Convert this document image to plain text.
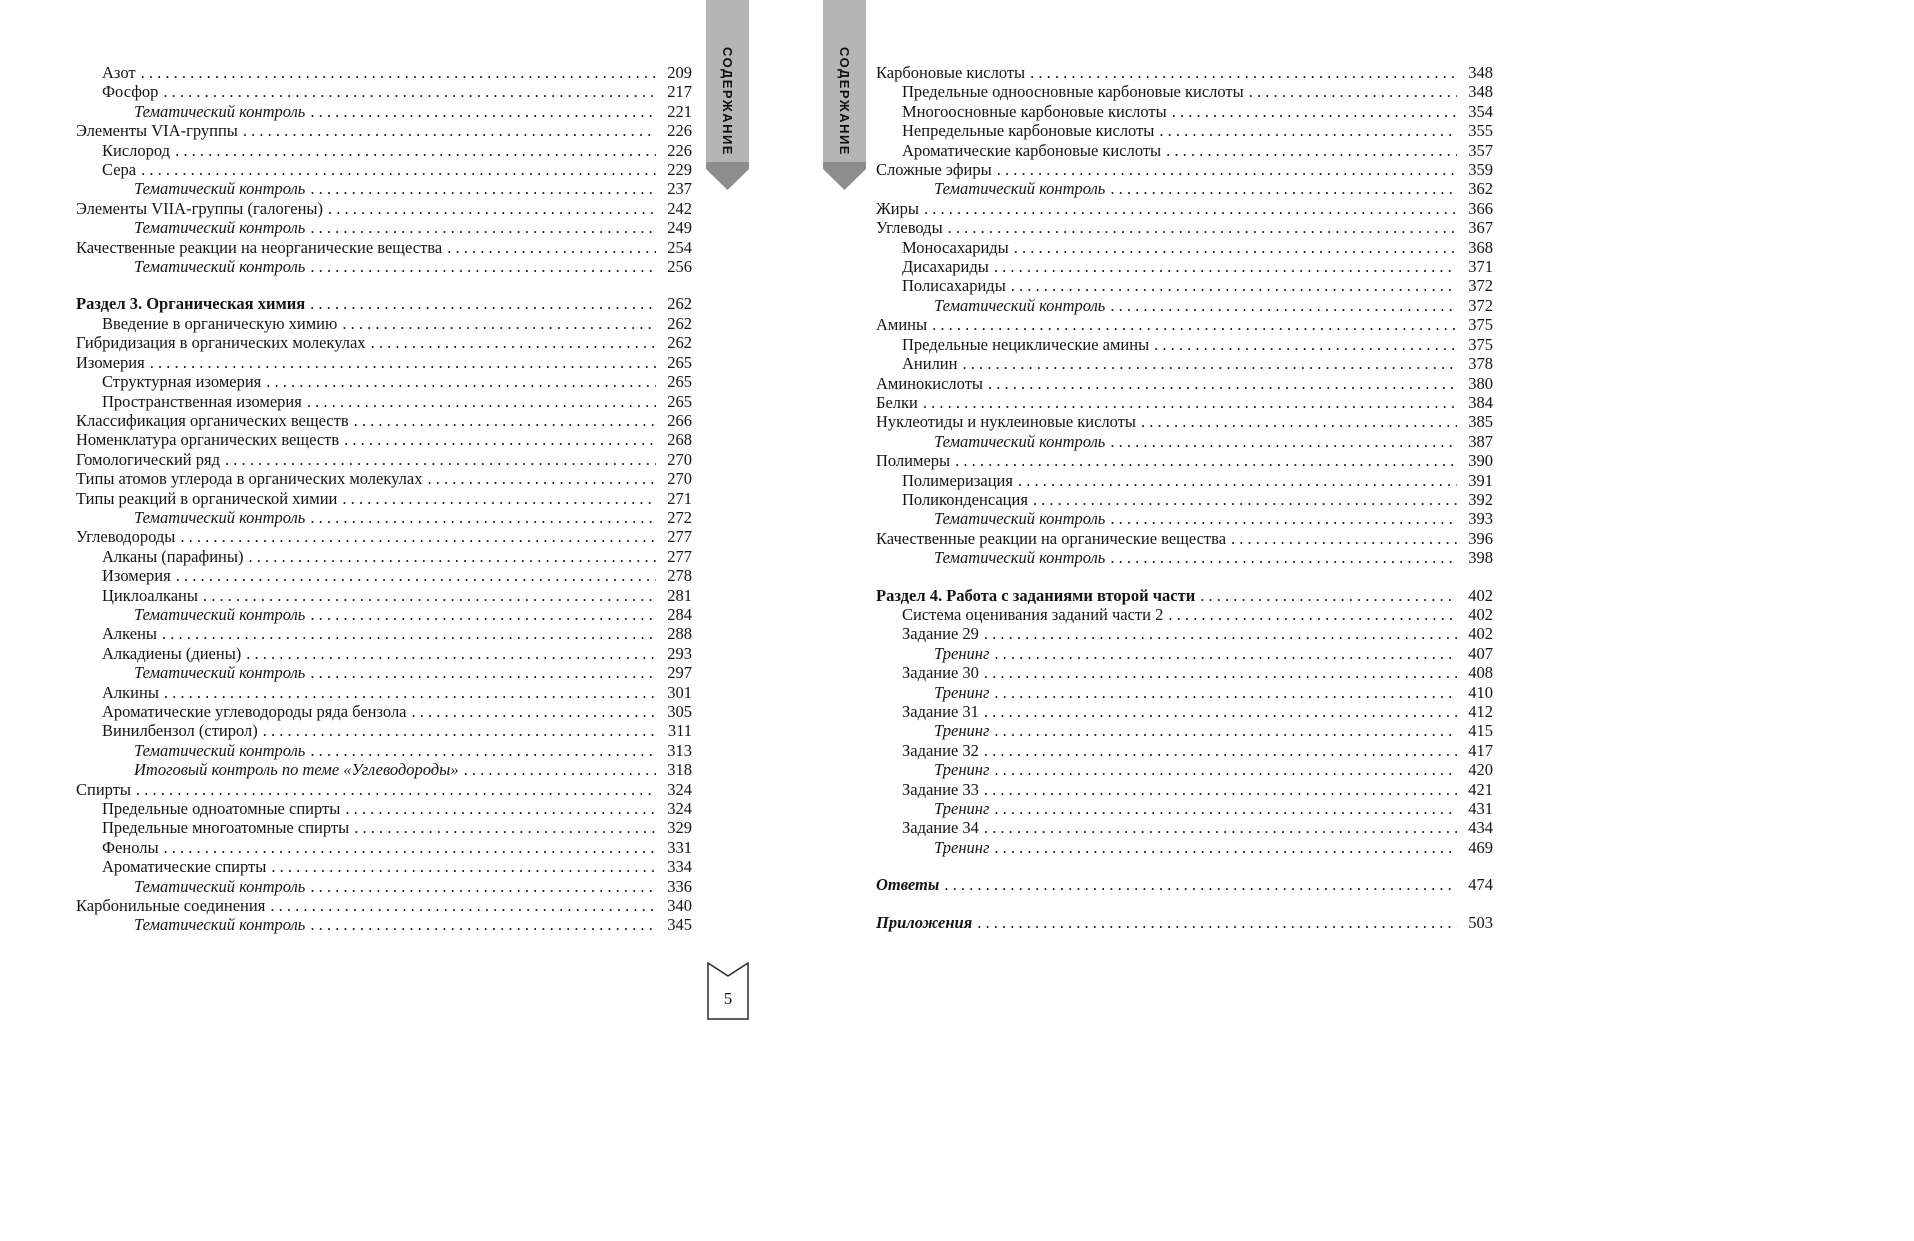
Азот . . .	209
Фосфор . . .	217
Тематический контроль . . .	221
Элементы VIA-группы . . .	226
Кислород . . .	226
Сера . . .	229
Тематический контроль . . .	237
Элементы VIIA-группы (галогены) . . .	242
Тематический контроль . . .	249
Качественные реакции на неорганические вещества . . .	254
Тематический контроль . . .	256
Раздел 3. Органическая химия . . .	262
Введение в органическую химию . . .	262
Гибридизация в органических молекулах . . .	262
Изомерия . . .	265
Структурная изомерия . . .	265
Пространственная изомерия . . .	265
Классификация органических веществ . . .	266
Номенклатура органических веществ . . .	268
Гомологический ряд . . .	270
Типы атомов углерода в органических молекулах . . .	270
Типы реакций в органической химии . . .	271
Тематический контроль . . .	272
Углеводороды . . .	277
Алканы (парафины) . . .	277
Изомерия . . .	278
Циклоалканы . . .	281
Тематический контроль . . .	284
Алкены . . .	288
Алкадиены (диены) . . .	293
Тематический контроль . . .	297
Алкины . . .	301
Ароматические углеводороды ряда бензола . . .	305
Винилбензол (стирол) . . .	311
Тематический контроль . . .	313
Итоговый контроль по теме «Углеводороды» . . .	318
Спирты . . .	324
Предельные одноатомные спирты . . .	324
Предельные многоатомные спирты . . .	329
Фенолы . . .	331
Ароматические спирты . . .	334
Тематический контроль . . .	336
Карбонильные соединения . . .	340
Тематический контроль . . .	345
Карбоновые кислоты . . .	348
Предельные одноосновные карбоновые кислоты . . .	348
Многоосновные карбоновые кислоты . . .	354
Непредельные карбоновые кислоты . . .	355
Ароматические карбоновые кислоты . . .	357
Сложные эфиры . . .	359
Тематический контроль . . .	362
Жиры . . .	366
Углеводы . . .	367
Моносахариды . . .	368
Дисахариды . . .	371
Полисахариды . . .	372
Тематический контроль . . .	372
Амины . . .	375
Предельные нециклические амины . . .	375
Анилин . . .	378
Аминокислоты . . .	380
Белки . . .	384
Нуклеотиды и нуклеиновые кислоты . . .	385
Тематический контроль . . .	387
Полимеры . . .	390
Полимеризация . . .	391
Поликонденсация . . .	392
Тематический контроль . . .	393
Качественные реакции на органические вещества . . .	396
Тематический контроль . . .	398
Раздел 4. Работа с заданиями второй части . . .	402
Система оценивания заданий части 2 . . .	402
Задание 29 . . .	402
Тренинг . . .	407
Задание 30 . . .	408
Тренинг . . .	410
Задание 31 . . .	412
Тренинг . . .	415
Задание 32 . . .	417
Тренинг . . .	420
Задание 33 . . .	421
Тренинг . . .	431
Задание 34 . . .	434
Тренинг . . .	469
Ответы . . .	474
Приложения . . .	503
СОДЕРЖАНИЕ	СОДЕРЖАНИЕ
5
